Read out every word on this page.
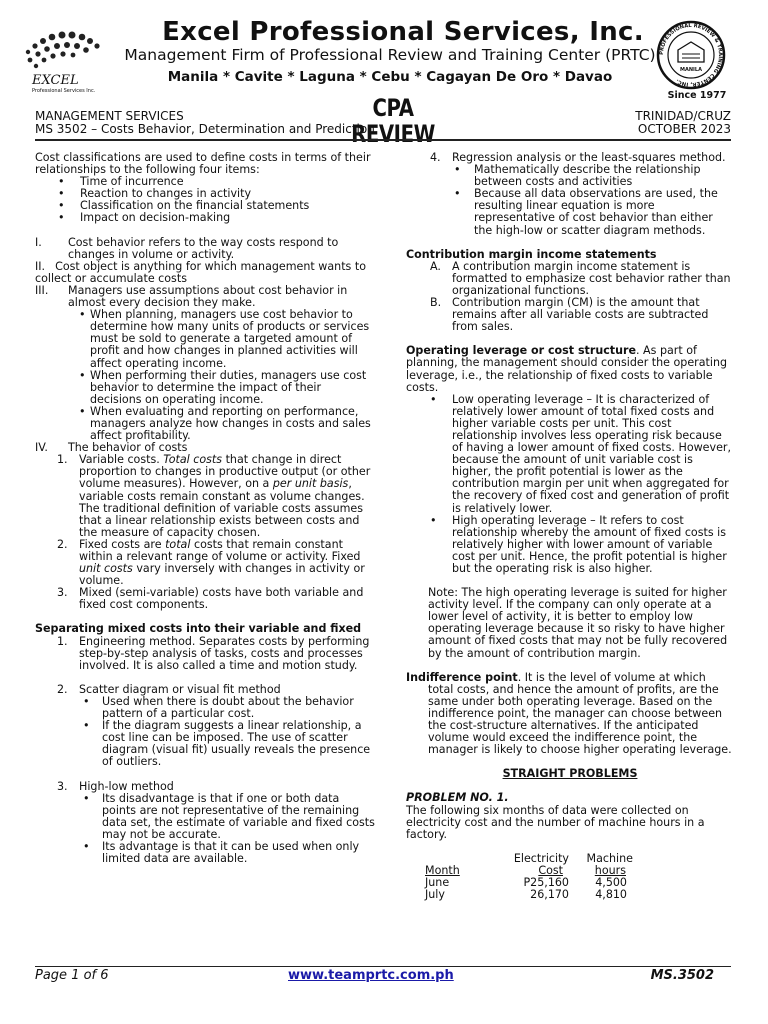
EXCEL
Professional Services Inc.
Excel Professional Services, Inc.
Management Firm of Professional Review and Training Center (PRTC)
Manila * Cavite * Laguna * Cebu * Cagayan De Oro * Davao
PROFESSIONAL REVIEW & TRAINING CENTER, INC.
MANILA
Since 1977
MANAGEMENT SERVICES
MS 3502 – Costs Behavior, Determination and Prediction
CPA REVIEW
TRINIDAD/CRUZ
OCTOBER 2023

Cost classifications are used to define costs in terms of their relationships to the following four items:

• Time of incurrence
• Reaction to changes in activity
• Classification on the financial statements
• Impact on decision-making
I. Cost behavior refers to the way costs respond to changes in volume or activity.
II. Cost object is anything for which management wants to collect or accumulate costs
III. Managers use assumptions about cost behavior in almost every decision they make.
• When planning, managers use cost behavior to determine how many units of products or services must be sold to generate a targeted amount of profit and how changes in planned activities will affect operating income.
• When performing their duties, managers use cost behavior to determine the impact of their decisions on operating income.
• When evaluating and reporting on performance, managers analyze how changes in costs and sales affect profitability.
IV. The behavior of costs
1. Variable costs. Total costs that change in direct proportion to changes in productive output (or other volume measures). However, on a per unit basis, variable costs remain constant as volume changes. The traditional definition of variable costs assumes that a linear relationship exists between costs and the measure of capacity chosen.
2. Fixed costs are total costs that remain constant within a relevant range of volume or activity. Fixed unit costs vary inversely with changes in activity or volume.
3. Mixed (semi-variable) costs have both variable and fixed cost components.
Separating mixed costs into their variable and fixed
1. Engineering method. Separates costs by performing step-by-step analysis of tasks, costs and processes involved. It is also called a time and motion study.
2. Scatter diagram or visual fit method
• Used when there is doubt about the behavior pattern of a particular cost.
• If the diagram suggests a linear relationship, a cost line can be imposed. The use of scatter diagram (visual fit) usually reveals the presence of outliers.
3. High-low method
• Its disadvantage is that if one or both data points are not representative of the remaining data set, the estimate of variable and fixed costs may not be accurate.
• Its advantage is that it can be used when only limited data are available.
4. Regression analysis or the least-squares method.
• Mathematically describe the relationship between costs and activities
• Because all data observations are used, the resulting linear equation is more representative of cost behavior than either the high-low or scatter diagram methods.
Contribution margin income statements
A. A contribution margin income statement is formatted to emphasize cost behavior rather than organizational functions.
B. Contribution margin (CM) is the amount that remains after all variable costs are subtracted from sales.

Operating leverage or cost structure. As part of planning, the management should consider the operating leverage, i.e., the relationship of fixed costs to variable costs.

• Low operating leverage – It is characterized of relatively lower amount of total fixed costs and higher variable costs per unit. This cost relationship involves less operating risk because of having a lower amount of fixed costs. However, because the amount of unit variable cost is higher, the profit potential is lower as the contribution margin per unit when aggregated for the recovery of fixed cost and generation of profit is relatively lower.
• High operating leverage – It refers to cost relationship whereby the amount of fixed costs is relatively higher with lower amount of variable cost per unit. Hence, the profit potential is higher but the operating risk is also higher.

Note: The high operating leverage is suited for higher activity level. If the company can only operate at a lower level of activity, it is better to employ low operating leverage because it so risky to have higher amount of fixed costs that may not be fully recovered by the amount of contribution margin.

Indifference point. It is the level of volume at which total costs, and hence the amount of profits, are the same under both operating leverage. Based on the indifference point, the manager can choose between the cost-structure alternatives. If the anticipated volume would exceed the indifference point, the manager is likely to choose higher operating leverage.

STRAIGHT PROBLEMS
PROBLEM NO. 1.

The following six months of data were collected on electricity cost and the number of machine hours in a factory.

	Electricity	Machine
Month	Cost	hours
June	P25,160	4,500
July	26,170	4,810
Page 1 of 6	www.teamprtc.com.ph	MS.3502
